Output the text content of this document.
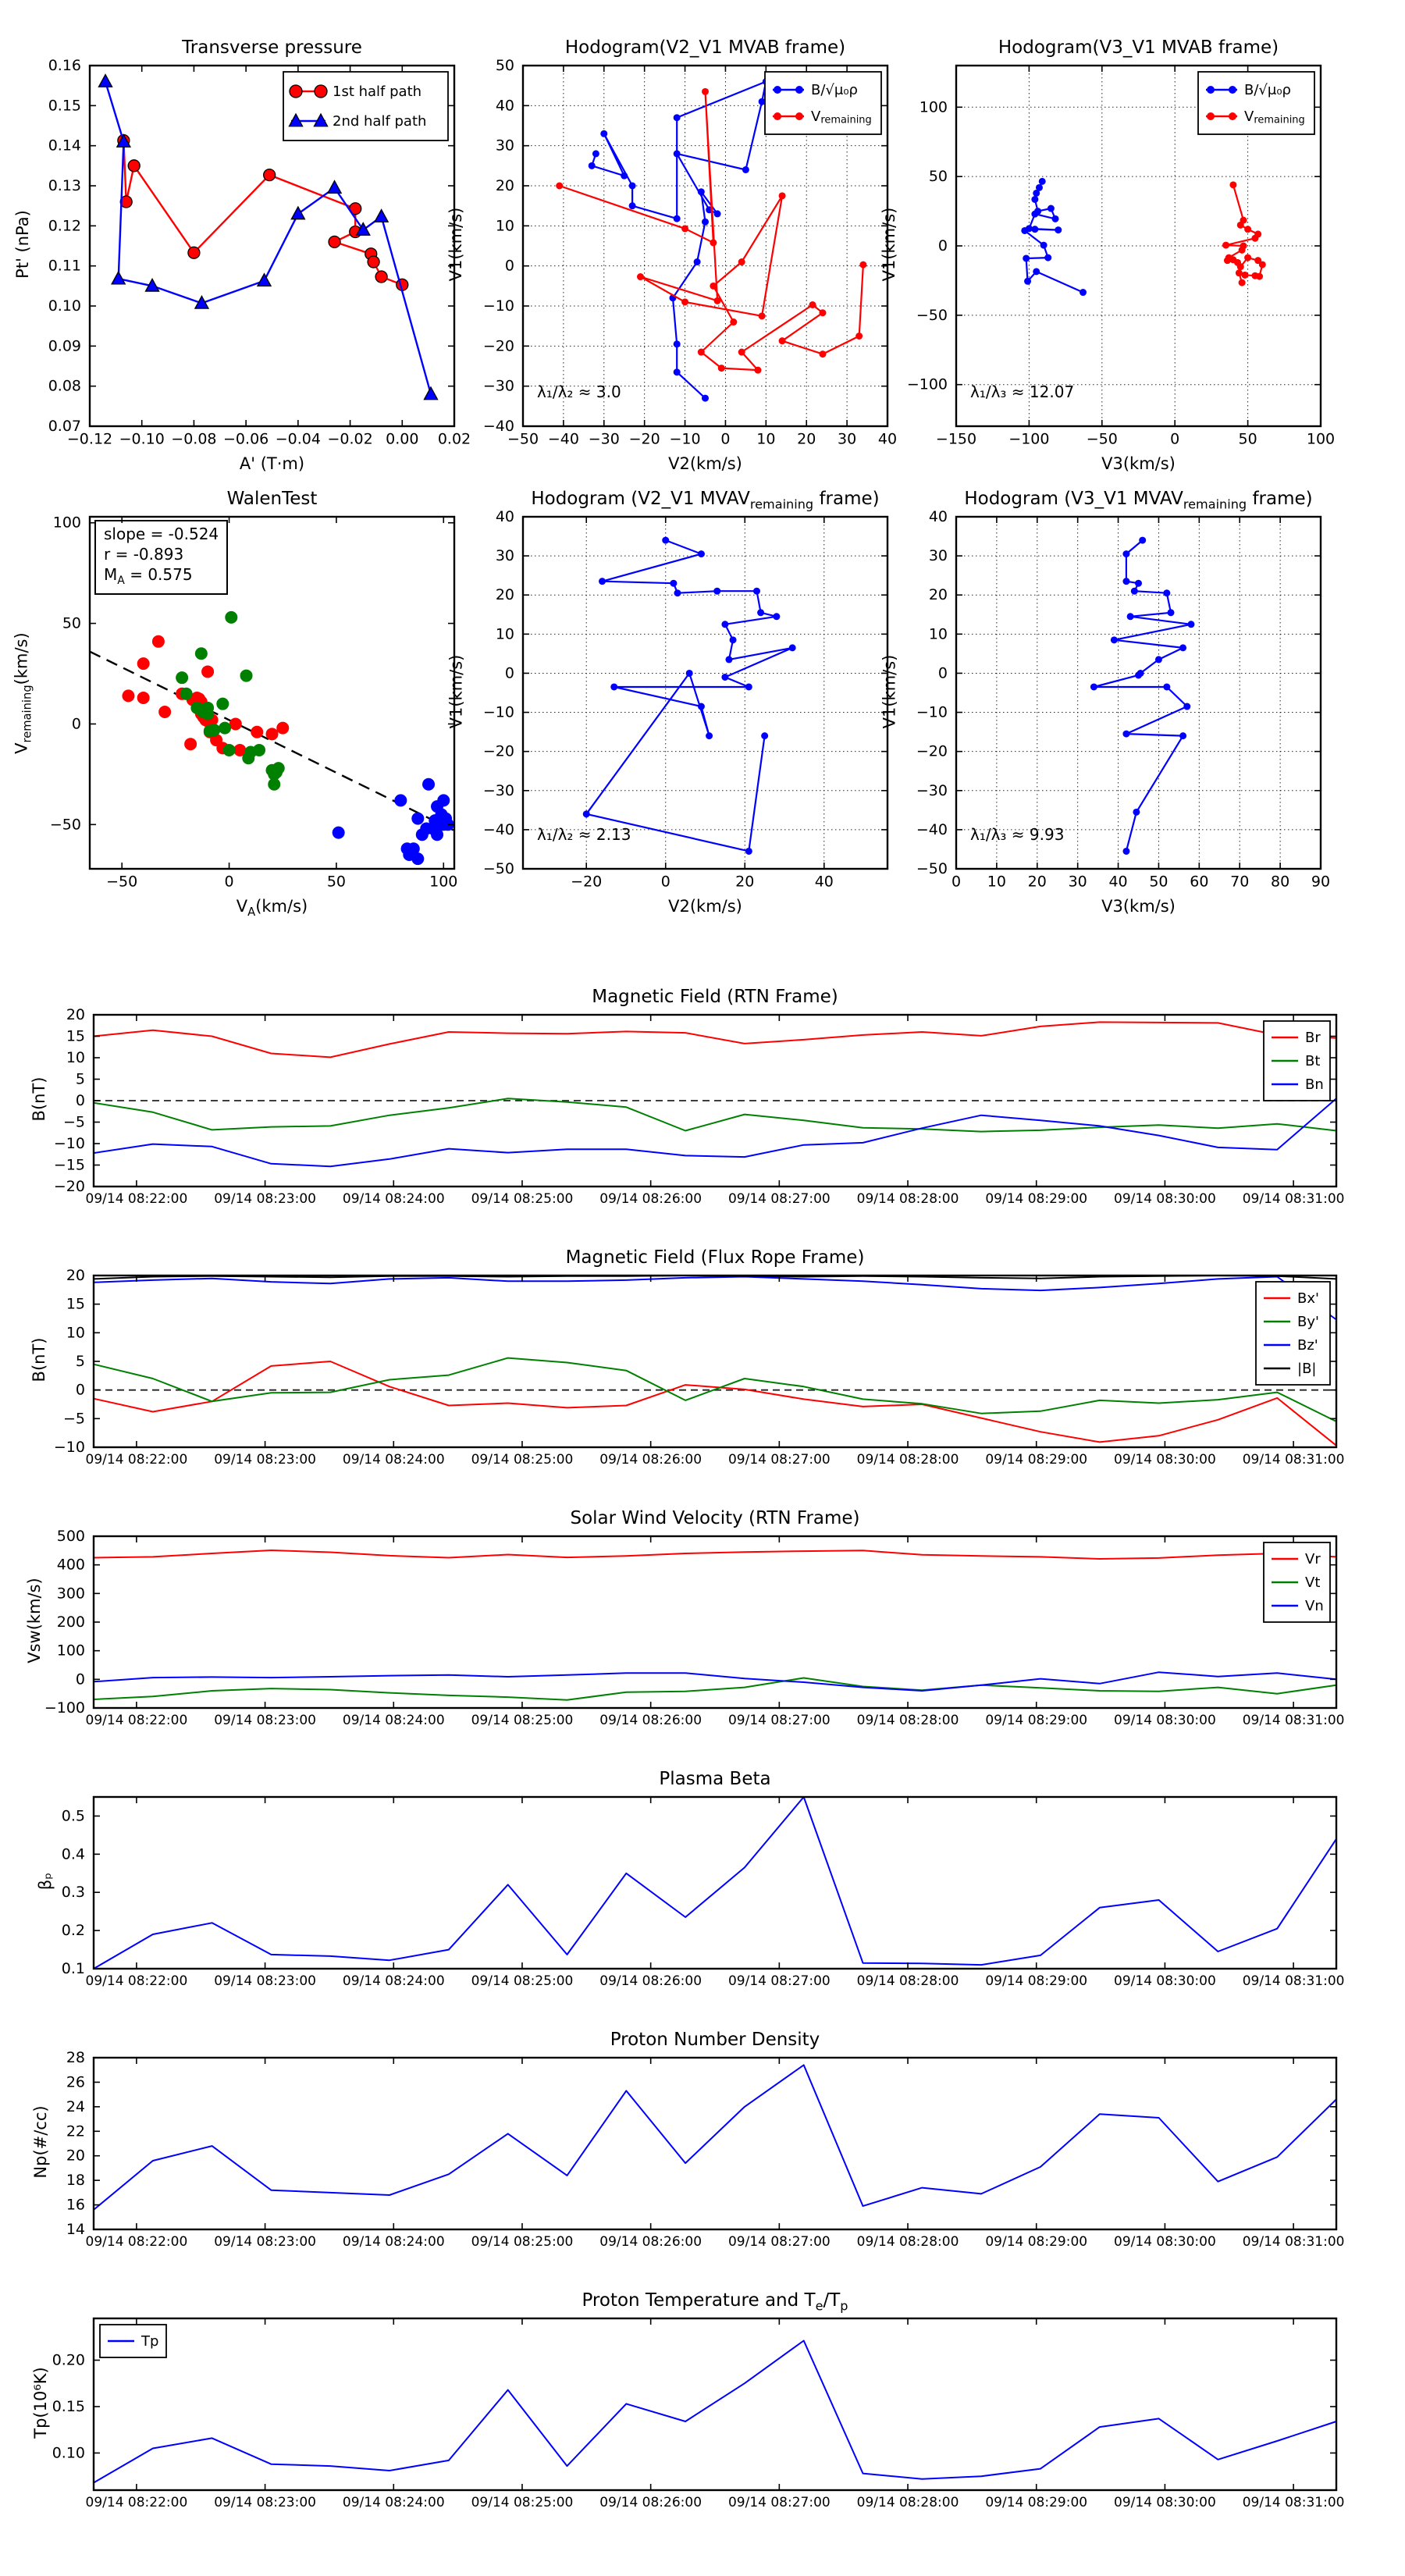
Transverse pressure
Pt' (nPa)
A' (T·m)
−0.12 −0.10 −0.08 −0.06 −0.04 −0.02 0.00 0.02
0.07
0.08
0.09
0.10
0.11
0.12
0.13
0.14
0.15
0.16
1st half path
2nd half path
Hodogram(V2_V1 MVAB frame)
V1(km/s)
V2(km/s)
λ₁/λ₂ ≈ 3.0
−50 −40 −30 −20 −10 0 10 20 30 40
−40
−30
−20
−10
0
10
20
30
40
50
B/√μ₀ρ
$V_{remaining}$
Hodogram(V3_V1 MVAB frame)
V1(km/s)
V3(km/s)
λ₁/λ₃ ≈ 12.07
−150 −100 −50	0	50	100
−100
−50
0
50
100
B/√μ₀ρ
$V_{remaining}$
WalenTest
$V_{remaining}(km/s)$
$V_A(km/s)$
slope = -0.524
r = -0.893
$M_A = 0.575$
−50	0	50	100
−50
0
50
100
Hodogram (V2_V1 $MVAV_{remaining}$ frame)
V1(km/s)
V2(km/s)
λ₁/λ₂ ≈ 2.13
−20	0	20	40
−50
−40
−30
−20
−10
0
10
20
30
40
Hodogram (V3_V1 $MVAV_{remaining}$ frame)
V1(km/s)
V3(km/s)
λ₁/λ₃ ≈ 9.93
0 10 20 30 40 50 60 70 80 90
−50
−40
−30
−20
−10
0
10
20
30
40
Magnetic Field (RTN Frame)
B(nT)
09/14 08:22:00 09/14 08:23:00 09/14 08:24:00 09/14 08:25:00 09/14 08:26:00 09/14 08:27:00 09/14 08:28:00 09/14 08:29:00 09/14 08:30:00 09/14 08:31:00
−20
−15
−10
−5
0
5
10
15
20
Br
Bt
Bn
Magnetic Field (Flux Rope Frame)
B(nT)
09/14 08:22:00 09/14 08:23:00 09/14 08:24:00 09/14 08:25:00 09/14 08:26:00 09/14 08:27:00 09/14 08:28:00 09/14 08:29:00 09/14 08:30:00 09/14 08:31:00
−10
−5
0
5
10
15
20
Bx'
By'
Bz'
|B|
Solar Wind Velocity (RTN Frame)
Vsw(km/s)
09/14 08:22:00 09/14 08:23:00 09/14 08:24:00 09/14 08:25:00 09/14 08:26:00 09/14 08:27:00 09/14 08:28:00 09/14 08:29:00 09/14 08:30:00 09/14 08:31:00
−100
0
100
200
300
400
500
Vr
Vt
Vn
Plasma Beta
βₚ
09/14 08:22:00 09/14 08:23:00 09/14 08:24:00 09/14 08:25:00 09/14 08:26:00 09/14 08:27:00 09/14 08:28:00 09/14 08:29:00 09/14 08:30:00 09/14 08:31:00
0.1
0.2
0.3
0.4
0.5
Proton Number Density
Np(#/cc)
09/14 08:22:00 09/14 08:23:00 09/14 08:24:00 09/14 08:25:00 09/14 08:26:00 09/14 08:27:00 09/14 08:28:00 09/14 08:29:00 09/14 08:30:00 09/14 08:31:00
14
16
18
20
22
24
26
28
Proton Temperature and $T_e/T_p$
Tp(10⁶K)
09/14 08:22:00 09/14 08:23:00 09/14 08:24:00 09/14 08:25:00 09/14 08:26:00 09/14 08:27:00 09/14 08:28:00 09/14 08:29:00 09/14 08:30:00 09/14 08:31:00
0.10
0.15
0.20
Tp
